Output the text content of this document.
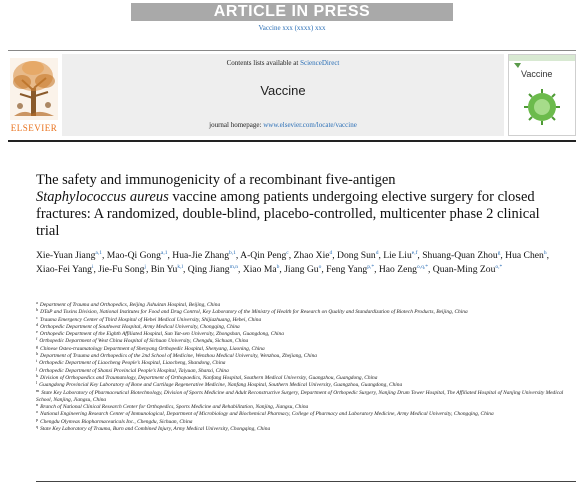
ARTICLE IN PRESS
Vaccine xxx (xxxx) xxx
ELSEVIER
Contents lists available at ScienceDirect
Vaccine
journal homepage: www.elsevier.com/locate/vaccine
Vaccine
The safety and immunogenicity of a recombinant five-antigen
Staphylococcus aureus vaccine among patients undergoing elective surgery for closed fractures: A randomized, double-blind, placebo-controlled, multicenter phase 2 clinical trial
Xie-Yuan Jiang$^{a,1}$, Mao-Qi Gong$^{a,1}$, Hua-Jie Zhang$^{b,1}$, A-Qin Peng$^c$, Zhao Xie$^d$, Dong Sun$^d$, Lie Liu$^{e,f}$, Shuang-Quan Zhou$^g$, Hua Chen$^h$, Xiao-Fei Yang$^i$, Jie-Fu Song$^j$, Bin Yu$^{k,l}$, Qing Jiang$^{m,n}$, Xiao Ma$^b$, Jiang Gu$^o$, Feng Yang$^{p,*}$, Hao Zeng$^{o,q,*}$, Quan-Ming Zou$^{o,*}$
$^a$ Department of Trauma and Orthopedics, Beijing Jishuitan Hospital, Beijing, China
$^b$ DTaP and Toxins Division, National Institutes for Food and Drug Control, Key Laboratory of the Ministry of Health for Research on Quality and Standardization of Biotech Products, Beijing, China
$^c$ Trauma Emergency Center of Third Hospital of Hebei Medical University, Shijiazhuang, Hebei, China
$^d$ Orthopedic Department of Southwest Hospital, Army Medical University, Chongqing, China
$^e$ Orthopedic Department of the Eighth Affiliated Hospital, Sun Yat-sen University, Zhongshan, Guangdong, China
$^f$ Orthopedic Department of West China Hospital of Sichuan University, Chengdu, Sichuan, China
$^g$ Chinese Osteo-traumatology Department of Shenyang Orthopedic Hospital, Shenyang, Liaoning, China
$^h$ Department of Trauma and Orthopedics of the 2nd School of Medicine, Wenzhou Medical University, Wenzhou, Zhejiang, China
$^i$ Orthopedic Department of Liaocheng People’s Hospital, Liaocheng, Shandong, China
$^j$ Orthopedic Department of Shanxi Provincial People’s Hospital, Taiyuan, Shanxi, China
$^k$ Division of Orthopaedics and Traumatology, Department of Orthopaedics, Nanfang Hospital, Southern Medical University, Guangzhou, Guangdong, China
$^l$ Guangdong Provincial Key Laboratory of Bone and Cartilage Regenerative Medicine, Nanfang Hospital, Southern Medical University, Guangzhou, Guangdong, China
$^m$ State Key Laboratory of Pharmaceutical Biotechnology, Division of Sports Medicine and Adult Reconstructive Surgery, Department of Orthopedic Surgery, Nanjing Drum Tower Hospital, The Affiliated Hospital of Nanjing University Medical School, Nanjing, Jiangsu, China
$^n$ Branch of National Clinical Research Center for Orthopedics, Sports Medicine and Rehabilitation, Nanjing, Jiangsu, China
$^o$ National Engineering Research Center of Immunological, Department of Microbiology and Biochemical Pharmacy, College of Pharmacy and Laboratory Medicine, Army Medical University, Chongqing, China
$^p$ Chengdu Olymvax Biopharmaceuticals Inc., Chengdu, Sichuan, China
$^q$ State Key Laboratory of Trauma, Burn and Combined Injury, Army Medical University, Chongqing, China
